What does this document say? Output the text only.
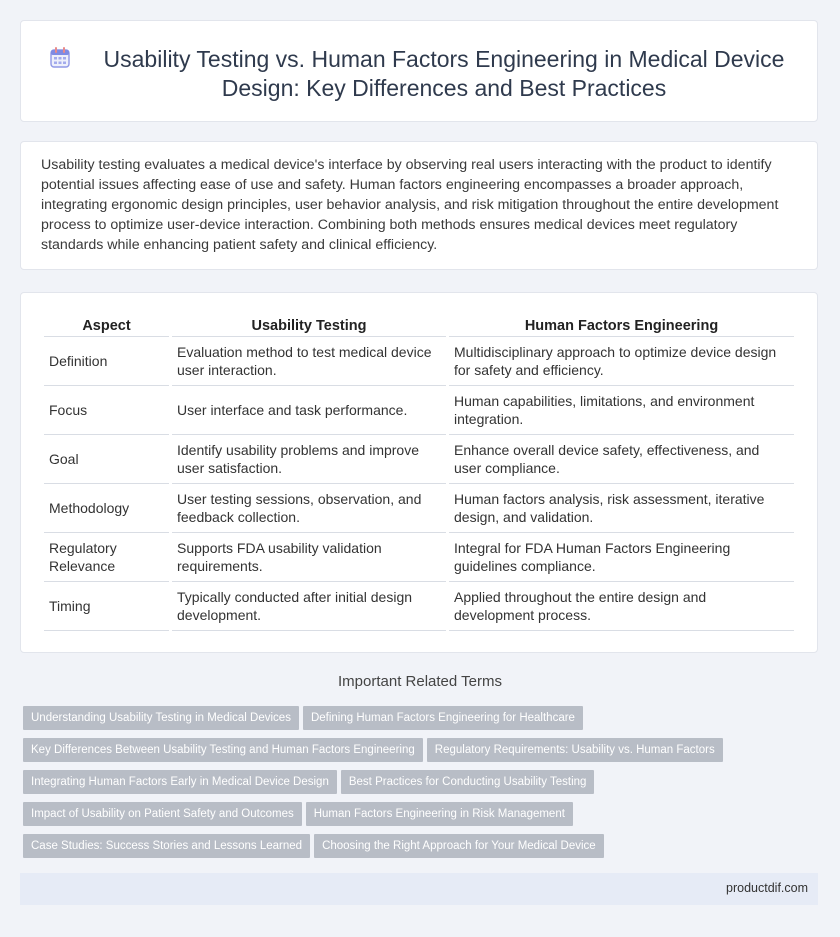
Usability Testing vs. Human Factors Engineering in Medical Device Design: Key Differences and Best Practices

Usability testing evaluates a medical device's interface by observing real users interacting with the product to identify potential issues affecting ease of use and safety. Human factors engineering encompasses a broader approach, integrating ergonomic design principles, user behavior analysis, and risk mitigation throughout the entire development process to optimize user-device interaction. Combining both methods ensures medical devices meet regulatory standards while enhancing patient safety and clinical efficiency.

Aspect	Usability Testing	Human Factors Engineering
Definition	Evaluation method to test medical device user interaction.	Multidisciplinary approach to optimize device design for safety and efficiency.
Focus	User interface and task performance.	Human capabilities, limitations, and environment integration.
Goal	Identify usability problems and improve user satisfaction.	Enhance overall device safety, effectiveness, and user compliance.
Methodology	User testing sessions, observation, and feedback collection.	Human factors analysis, risk assessment, iterative design, and validation.
Regulatory Relevance	Supports FDA usability validation requirements.	Integral for FDA Human Factors Engineering guidelines compliance.
Timing	Typically conducted after initial design development.	Applied throughout the entire design and development process.
Important Related Terms
Understanding Usability Testing in Medical Devices Defining Human Factors Engineering for Healthcare
Key Differences Between Usability Testing and Human Factors Engineering Regulatory Requirements: Usability vs. Human Factors
Integrating Human Factors Early in Medical Device Design Best Practices for Conducting Usability Testing
Impact of Usability on Patient Safety and Outcomes Human Factors Engineering in Risk Management
Case Studies: Success Stories and Lessons Learned Choosing the Right Approach for Your Medical Device
productdif.com
